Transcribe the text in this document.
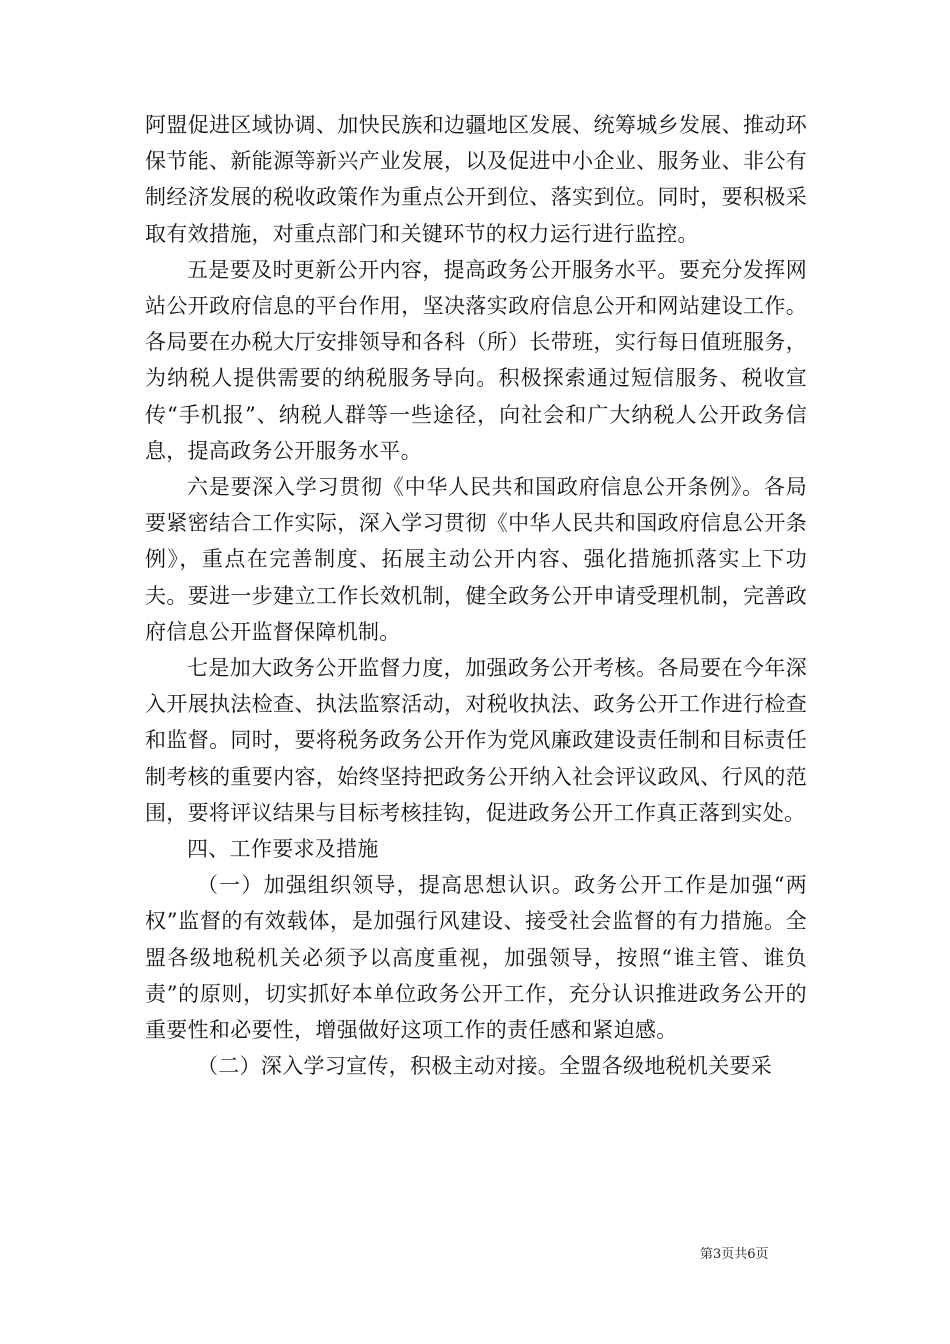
阿盟促进区域协调、加快民族和边疆地区发展、统筹城乡发展、推动环保节能、新能源等新兴产业发展，以及促进中小企业、服务业、非公有制经济发展的税收政策作为重点公开到位、落实到位。同时，要积极采取有效措施，对重点部门和关键环节的权力运行进行监控。

五是要及时更新公开内容，提高政务公开服务水平。要充分发挥网站公开政府信息的平台作用，坚决落实政府信息公开和网站建设工作。各局要在办税大厅安排领导和各科（所）长带班，实行每日值班服务，为纳税人提供需要的纳税服务导向。积极探索通过短信服务、税收宣传“手机报”、纳税人群等一些途径，向社会和广大纳税人公开政务信息，提高政务公开服务水平。

六是要深入学习贯彻《中华人民共和国政府信息公开条例》。各局要紧密结合工作实际，深入学习贯彻《中华人民共和国政府信息公开条例》，重点在完善制度、拓展主动公开内容、强化措施抓落实上下功夫。要进一步建立工作长效机制，健全政务公开申请受理机制，完善政府信息公开监督保障机制。

七是加大政务公开监督力度，加强政务公开考核。各局要在今年深入开展执法检查、执法监察活动，对税收执法、政务公开工作进行检查和监督。同时，要将税务政务公开作为党风廉政建设责任制和目标责任制考核的重要内容，始终坚持把政务公开纳入社会评议政风、行风的范围，要将评议结果与目标考核挂钩，促进政务公开工作真正落到实处。

四、工作要求及措施

（一）加强组织领导，提高思想认识。政务公开工作是加强“两权”监督的有效载体，是加强行风建设、接受社会监督的有力措施。全盟各级地税机关必须予以高度重视，加强领导，按照“谁主管、谁负责”的原则，切实抓好本单位政务公开工作，充分认识推进政务公开的重要性和必要性，增强做好这项工作的责任感和紧迫感。

（二）深入学习宣传，积极主动对接。全盟各级地税机关要采

第3页共6页
